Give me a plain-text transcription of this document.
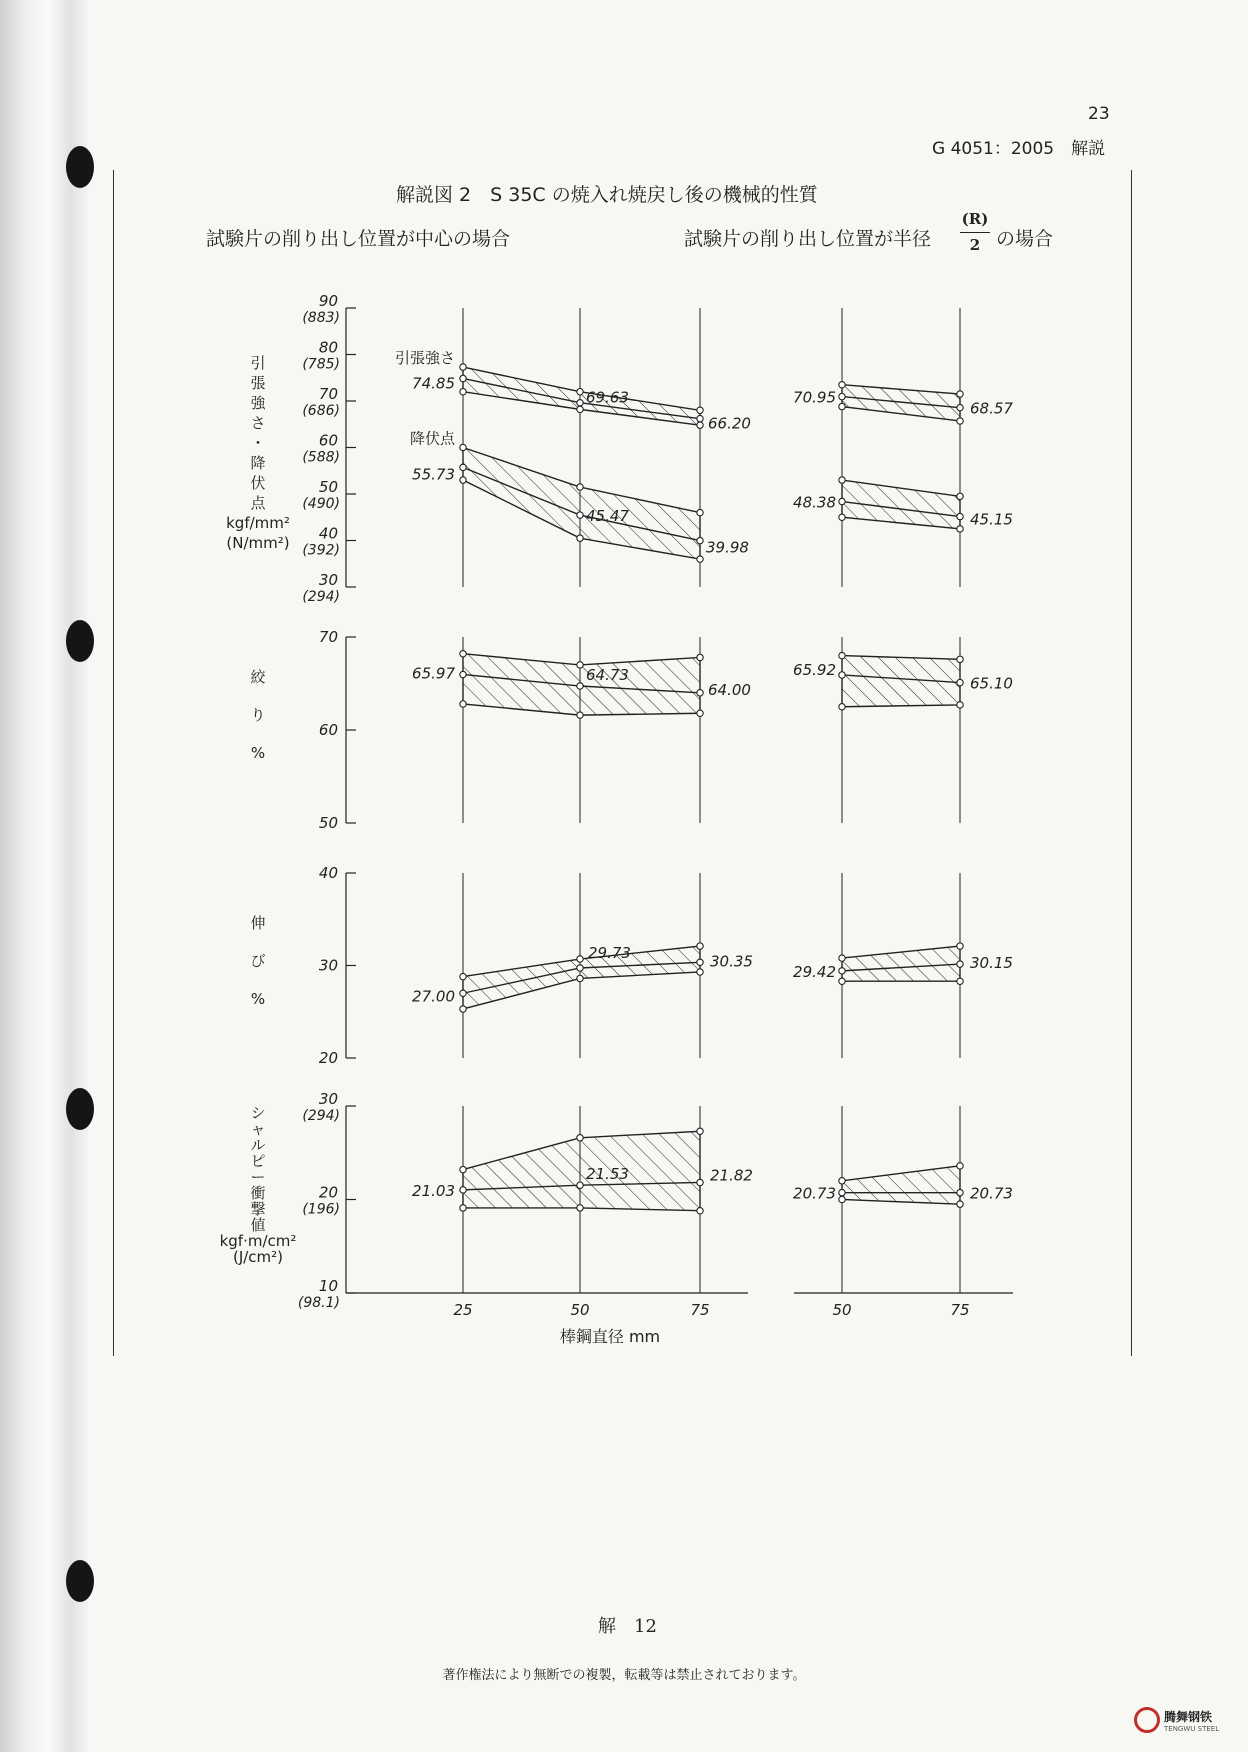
23
G 4051：2005　解説
解説図 2　S 35C の焼入れ焼戻し後の機械的性質
試験片の削り出し位置が中心の場合	試験片の削り出し位置が半径
(R)
2 の場合
90
(883)
80
(785)
70
(686)
60
(588)
50
(490)
40
(392)
30
(294)
引
張
強
さ
・
降
伏
点
kgf/mm²
(N/mm²)
74.85
69.63
66.20
55.73
45.47
39.98
70.95
68.57
48.38
45.15
引張強さ
降伏点
70
60
50
絞
り
%
65.97	64.73
64.00
65.92
65.10
40
30
20
伸
び
%	27.00
29.73	30.35
29.42	30.15
30
(294)
20
(196)
10
(98.1)
シ
ャ
ル
ピ
ー
衝
撃
値
kgf·m/cm²
(J/cm²)
21.03
21.53	21.82
20.73	20.73
25	50	75	50	75
棒鋼直径 mm
解　12
著作権法により無断での複製，転載等は禁止されております。
腾舞钢铁
TENGWU STEEL
